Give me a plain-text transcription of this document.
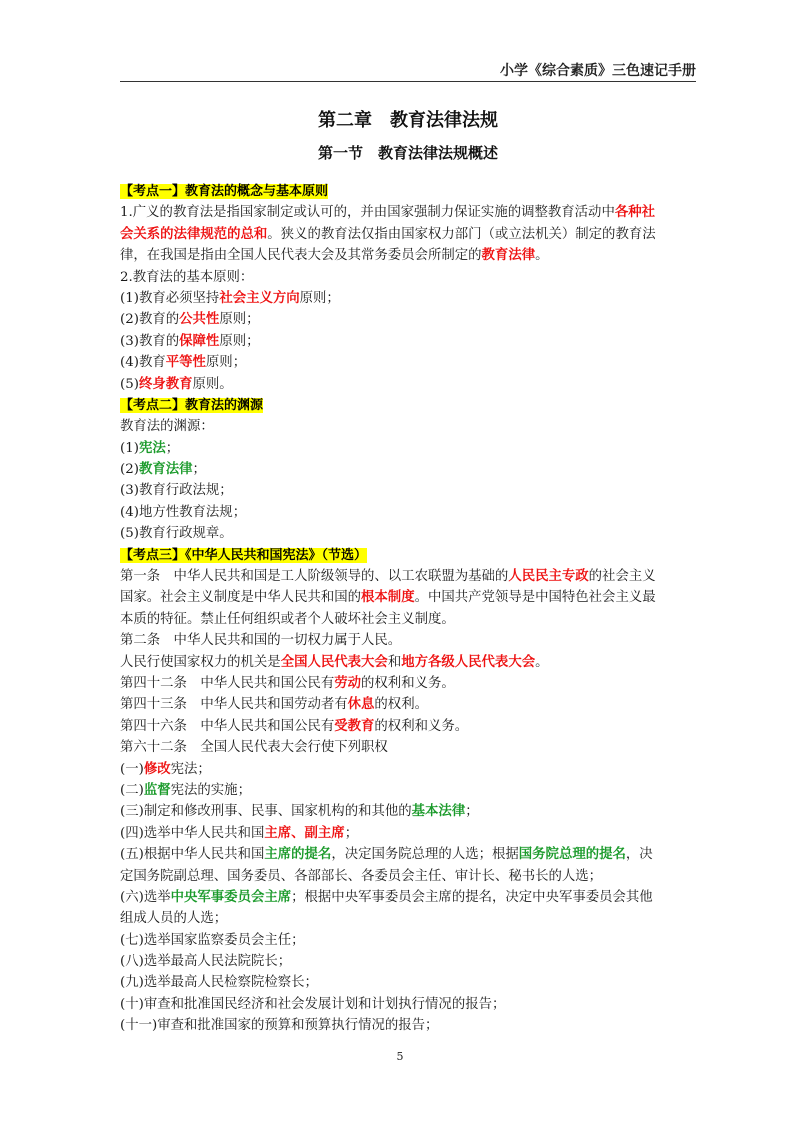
小学《综合素质》三色速记手册
第二章　教育法律法规
第一节　教育法律法规概述
【考点一】教育法的概念与基本原则
1.广义的教育法是指国家制定或认可的，并由国家强制力保证实施的调整教育活动中各种社
会关系的法律规范的总和。狭义的教育法仅指由国家权力部门（或立法机关）制定的教育法
律，在我国是指由全国人民代表大会及其常务委员会所制定的教育法律。
2.教育法的基本原则：
(1)教育必须坚持社会主义方向原则；
(2)教育的公共性原则；
(3)教育的保障性原则；
(4)教育平等性原则；
(5)终身教育原则。
【考点二】教育法的渊源
教育法的渊源：
(1)宪法；
(2)教育法律；
(3)教育行政法规；
(4)地方性教育法规；
(5)教育行政规章。
【考点三】《中华人民共和国宪法》（节选）
第一条　中华人民共和国是工人阶级领导的、以工农联盟为基础的人民民主专政的社会主义
国家。社会主义制度是中华人民共和国的根本制度。中国共产党领导是中国特色社会主义最
本质的特征。禁止任何组织或者个人破坏社会主义制度。
第二条　中华人民共和国的一切权力属于人民。
人民行使国家权力的机关是全国人民代表大会和地方各级人民代表大会。
第四十二条　中华人民共和国公民有劳动的权利和义务。
第四十三条　中华人民共和国劳动者有休息的权利。
第四十六条　中华人民共和国公民有受教育的权利和义务。
第六十二条　全国人民代表大会行使下列职权
(一)修改宪法；
(二)监督宪法的实施；
(三)制定和修改刑事、民事、国家机构的和其他的基本法律；
(四)选举中华人民共和国主席、副主席；
(五)根据中华人民共和国主席的提名，决定国务院总理的人选；根据国务院总理的提名，决
定国务院副总理、国务委员、各部部长、各委员会主任、审计长、秘书长的人选；
(六)选举中央军事委员会主席；根据中央军事委员会主席的提名，决定中央军事委员会其他
组成人员的人选；
(七)选举国家监察委员会主任；
(八)选举最高人民法院院长；
(九)选举最高人民检察院检察长；
(十)审查和批准国民经济和社会发展计划和计划执行情况的报告；
(十一)审查和批准国家的预算和预算执行情况的报告；
5
